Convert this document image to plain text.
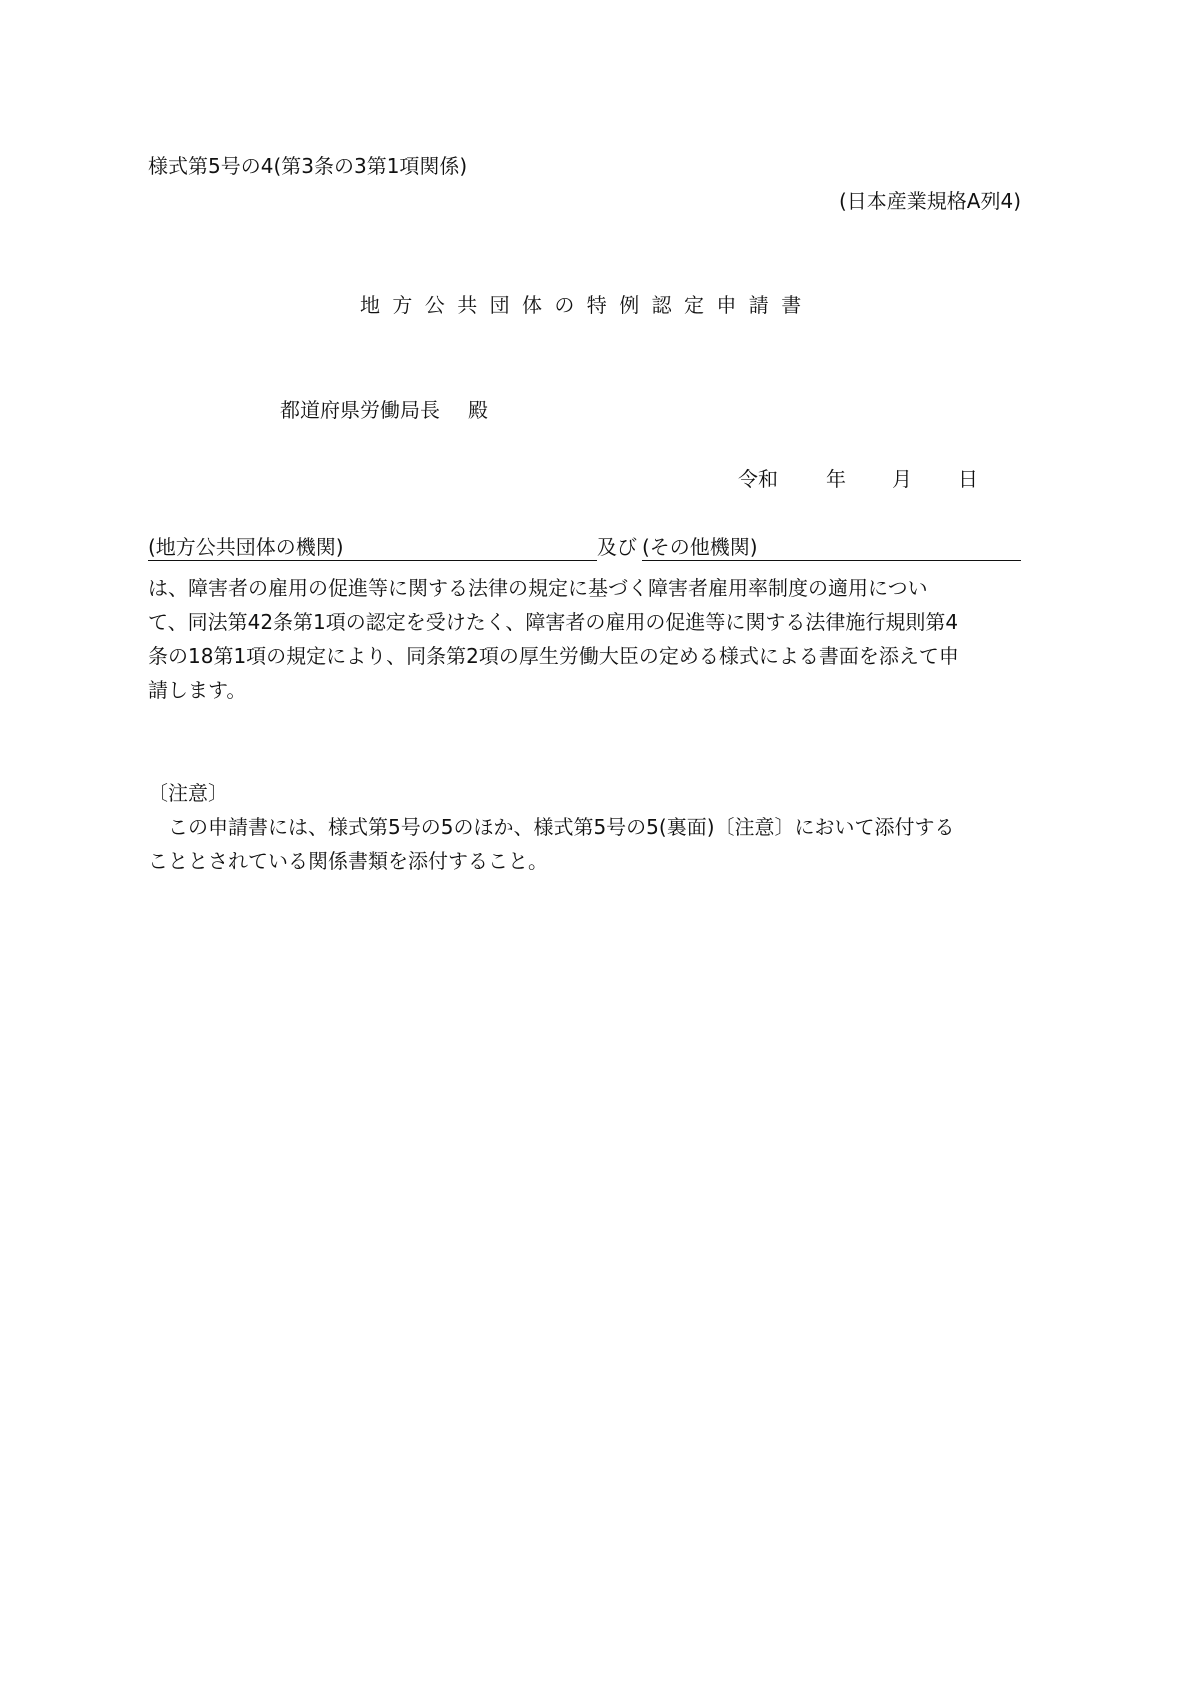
様式第5号の4(第3条の3第1項関係)
(日本産業規格A列4)
地方公共団体の特例認定申請書
都道府県労働局長 殿
令和 年 月 日
(地方公共団体の機関)	及び (その他機関)
は、障害者の雇用の促進等に関する法律の規定に基づく障害者雇用率制度の適用につい
て、同法第42条第1項の認定を受けたく、障害者の雇用の促進等に関する法律施行規則第4
条の18第1項の規定により、同条第2項の厚生労働大臣の定める様式による書面を添えて申
請します。
〔注意〕
　この申請書には、様式第5号の5のほか、様式第5号の5(裏面)〔注意〕において添付する
こととされている関係書類を添付すること。
